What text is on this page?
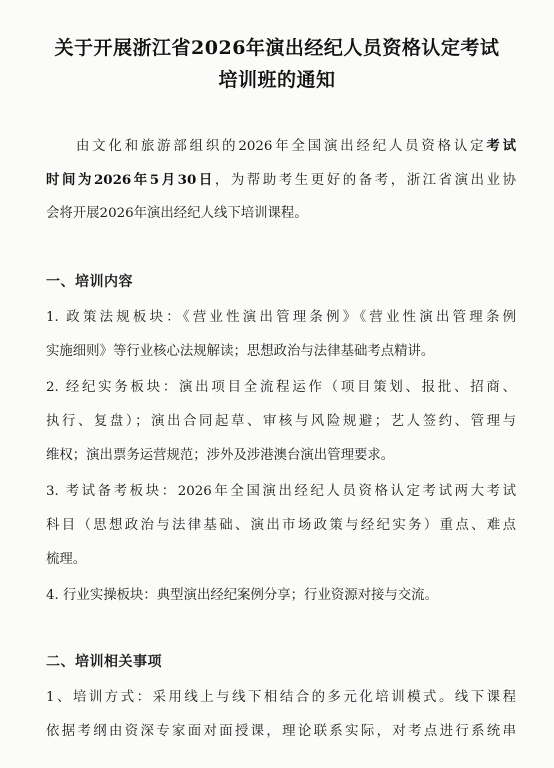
关于开展浙江省2026年演出经纪人员资格认定考试
培训班的通知

由文化和旅游部组织的2026年全国演出经纪人员资格认定考试

时间为2026年5月30日，为帮助考生更好的备考，浙江省演出业协

会将开展2026年演出经纪人线下培训课程。

一、培训内容

1. 政策法规板块：《营业性演出管理条例》《营业性演出管理条例

实施细则》等行业核心法规解读；思想政治与法律基础考点精讲。

2. 经纪实务板块：演出项目全流程运作（项目策划、报批、招商、

执行、复盘）；演出合同起草、审核与风险规避；艺人签约、管理与

维权；演出票务运营规范；涉外及涉港澳台演出管理要求。

3. 考试备考板块：2026年全国演出经纪人员资格认定考试两大考试

科目（思想政治与法律基础、演出市场政策与经纪实务）重点、难点

梳理。

4. 行业实操板块：典型演出经纪案例分享；行业资源对接与交流。

二、培训相关事项

1、培训方式：采用线上与线下相结合的多元化培训模式。线下课程

依据考纲由资深专家面对面授课，理论联系实际，对考点进行系统串
